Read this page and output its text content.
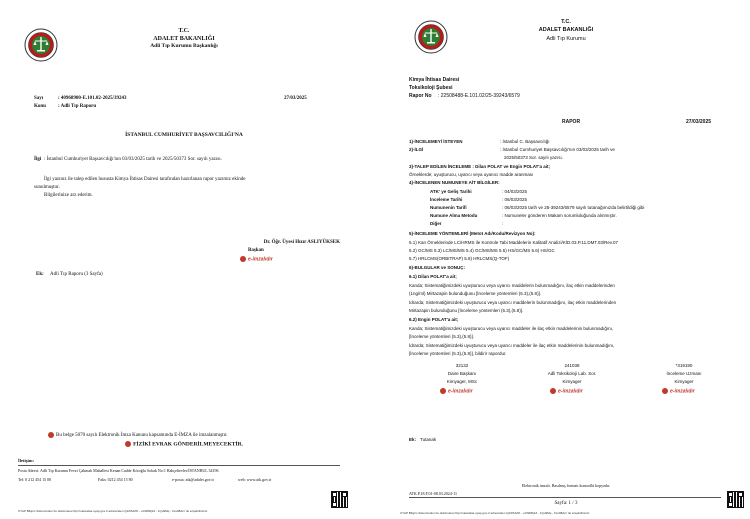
T.C.
ADALET BAKANLIĞI
Adli Tıp Kurumu Başkanlığı
Sayı	: 40968900-E.101.02-2025/39243	27/03/2025
Konu : Adli Tıp Raporu
İSTANBUL CUMHURİYET BAŞSAVCILIĞI'NA
İlgi : İstanbul Cumhuriyet Başsavcılığı'nın 03/03/2025 tarih ve 2025/50373 Sor. sayılı yazısı.
İlgi yazınız ile talep edilen hususta Kimya İhtisas Dairesi tarafından hazırlanan rapor yazımız ekinde
sunulmuştur.
Bilgilerinize arz ederim.
Dr. Öğr. Üyesi Hızır ASLIYÜKSEK
Başkan
e-imzalıdır
Ek: Adli Tıp Raporu (3 Sayfa)
Bu belge 5070 sayılı Elektronik İmza Kanunu kapsamında E-İMZA ile imzalanmıştır.
FİZİKİ EVRAK GÖNDERİLMEYECEKTİR.
İletişim:
Posta Adresi: Adli Tıp Kurumu Fevzi Çakmak Mahallesi Kenan Cadde Köroğlu Sokak No:1 Bahçelievler/İSTANBUL 34196
Tel: 0 212 454 15 00	Faks: 0212 454 15 80	e-posta: atk@adalet.gov.tr	web: www.atk.gov.tr
UYAP Bilişim Sisteminden bu dokümana http://vatandas.uyap.gov.tr adresinden Q1l0SJZO - +bW8Rj1Z - 1Qu9Mq - Ksv98dc= ile erişebilirsiniz.
T.C.
ADALET BAKANLIĞI
Adli Tıp Kurumu
Kimya İhtisas Dairesi
Toksikoloji Şubesi
Rapor No : 22508488-E.101.02/25-39243/6579
RAPOR	27/03/2025
1)-İNCELEMEYİ İSTEYEN	: İstanbul C. Başsavcılığı
2)-İLGİ	: İstanbul Cumhuriyet Başsavcılığı'nın 03/03/2025 tarih ve
2025/50373 Sor. sayılı yazısı.
3)-TALEP EDİLEN İNCELEME : Dilan POLAT ve Engin POLAT'a ait;
Örneklerde; uyuşturucu, uyarıcı veya uyanıcı madde aranması
4)-İNCELENEN NUMUNEYE AİT BİLGİLER:
ATK' ye Geliş Tarihi	: 04/03/2025
İnceleme Tarihi	: 06/03/2025
Numunenin Tarifi	: 06/03/2025 tarih ve 25-39243/6579 sayılı tutanağımızda belirtildiği gibi
Numune Alma Metodu	: Numuneler gönderen Makam sorumluluğunda alınmıştır.
Diğer	:
5)-İNCELEME YÖNTEMLERİ (Metot Adı/Kodu/Revizyon No):
5.1) Kan Örneklerinde LC/HRMS ile Kontrole Tabi Maddelerin Kalitatif Analizi/KİD.03.P.11.DMT.03/Rev.07
5.2) GC/MS 5.3) LC/MS/MS 5.4) GC/MS/MS 5.5) HS/GC/MS 5.6) HS/GC
5.7) HRLCMS(ORBITRAP) 5.8) HRLCMS(Q-TOF)
6)-BULGULAR ve SONUÇ:
6.1) Dilan POLAT'a ait;
Kanda; Sistematiğimizdeki uyuşturucu veya uyarıcı maddelerin bulunmadığını, ilaç etkin maddelerinden
(1ng/ml) Mirtazapin bulunduğunu [İnceleme yöntemleri (5.3),(5.8)].
İdrarda; Sistematiğimizdeki uyuşturucu veya uyarıcı maddelerin bulunmadığını, ilaç etkin maddelerinden
Mirtazapin bulunduğunu [İnceleme yöntemleri (5.3),(5.8)].
6.2) Engin POLAT'a ait;
Kanda; Sistematiğimizdeki uyuşturucu veya uyarıcı maddeler ile ilaç etkin maddelerinin bulunmadığını,
[İnceleme yöntemleri (5.3),(5.8)].
İdrarda; Sistematiğimizdeki uyuşturucu veya uyarıcı maddeler ile ilaç etkin maddelerinin bulunmadığını,
[İnceleme yöntemleri (5.3),(5.8)], bildirir rapordur.
32132
Daire Başkanı
Kimyager, MSc
e-imzalıdır
241038
Adli Toksikoloji Lab. Sor.
Kimyager
e-imzalıdır
*319190
İnceleme Uzmanı
Kimyager
e-imzalıdır
Ek: Tutanak
Elektronik imzalı. Basılmış formatı kontrollü kopyadır.
ATK.P.18.F.01-08.03.2024-11
Sayfa: 1 / 3
UYAP Bilişim Sisteminden bu dokümana http://vatandas.uyap.gov.tr adresinden Q1l0SJZO - +bW8Rj1Z - 1Qu9Mq - Ksv98dc= ile erişebilirsiniz.
